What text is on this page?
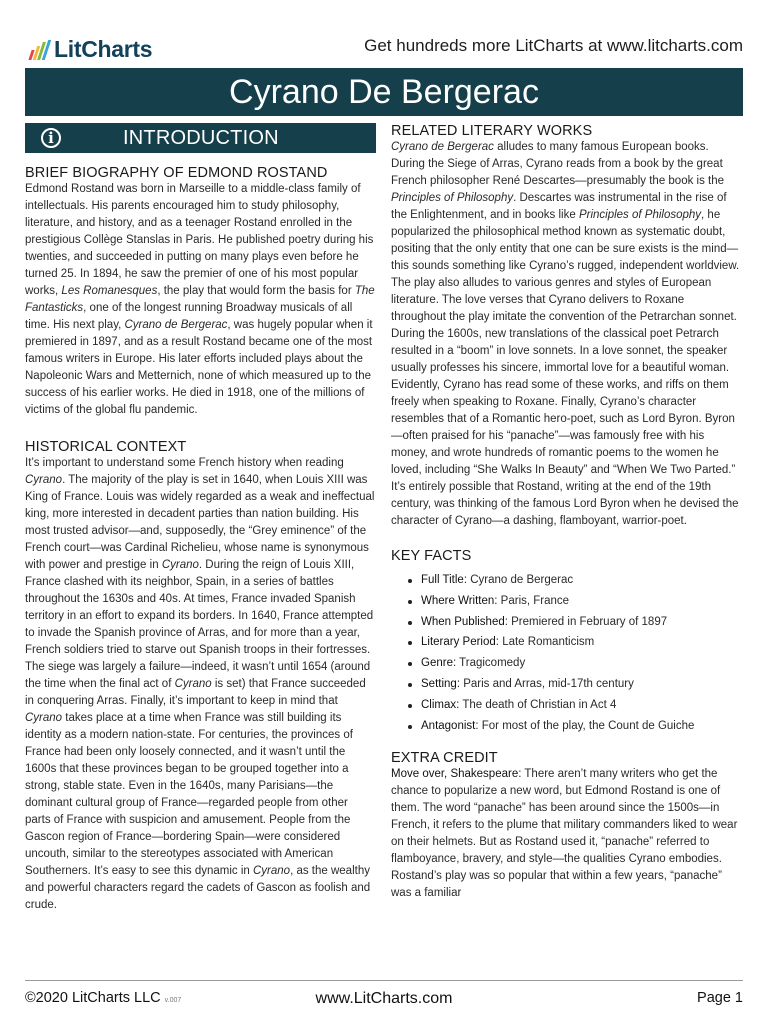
LitCharts	Get hundreds more LitCharts at www.litcharts.com
Cyrano De Bergerac
i	INTRODUCTION
BRIEF BIOGRAPHY OF EDMOND ROSTAND

Edmond Rostand was born in Marseille to a middle-class family of intellectuals. His parents encouraged him to study philosophy, literature, and history, and as a teenager Rostand enrolled in the prestigious Collège Stanslas in Paris. He published poetry during his twenties, and succeeded in putting on many plays even before he turned 25. In 1894, he saw the premier of one of his most popular works, Les Romanesques, the play that would form the basis for The Fantasticks, one of the longest running Broadway musicals of all time. His next play, Cyrano de Bergerac, was hugely popular when it premiered in 1897, and as a result Rostand became one of the most famous writers in Europe. His later efforts included plays about the Napoleonic Wars and Metternich, none of which measured up to the success of his earlier works. He died in 1918, one of the millions of victims of the global flu pandemic.

HISTORICAL CONTEXT

It’s important to understand some French history when reading Cyrano. The majority of the play is set in 1640, when Louis XIII was King of France. Louis was widely regarded as a weak and ineffectual king, more interested in decadent parties than nation building. His most trusted advisor—and, supposedly, the “Grey eminence” of the French court—was Cardinal Richelieu, whose name is synonymous with power and prestige in Cyrano. During the reign of Louis XIII, France clashed with its neighbor, Spain, in a series of battles throughout the 1630s and 40s. At times, France invaded Spanish territory in an effort to expand its borders. In 1640, France attempted to invade the Spanish province of Arras, and for more than a year, French soldiers tried to starve out Spanish troops in their fortresses. The siege was largely a failure—indeed, it wasn’t until 1654 (around the time when the final act of Cyrano is set) that France succeeded in conquering Arras. Finally, it’s important to keep in mind that Cyrano takes place at a time when France was still building its identity as a modern nation-state. For centuries, the provinces of France had been only loosely connected, and it wasn’t until the 1600s that these provinces began to be grouped together into a strong, stable state. Even in the 1640s, many Parisians—the dominant cultural group of France—regarded people from other parts of France with suspicion and amusement. People from the Gascon region of France—bordering Spain—were considered uncouth, similar to the stereotypes associated with American Southerners. It’s easy to see this dynamic in Cyrano, as the wealthy and powerful characters regard the cadets of Gascon as foolish and crude.

RELATED LITERARY WORKS

Cyrano de Bergerac alludes to many famous European books. During the Siege of Arras, Cyrano reads from a book by the great French philosopher René Descartes—presumably the book is the Principles of Philosophy. Descartes was instrumental in the rise of the Enlightenment, and in books like Principles of Philosophy, he popularized the philosophical method known as systematic doubt, positing that the only entity that one can be sure exists is the mind—this sounds something like Cyrano’s rugged, independent worldview. The play also alludes to various genres and styles of European literature. The love verses that Cyrano delivers to Roxane throughout the play imitate the convention of the Petrarchan sonnet. During the 1600s, new translations of the classical poet Petrarch resulted in a “boom” in love sonnets. In a love sonnet, the speaker usually professes his sincere, immortal love for a beautiful woman. Evidently, Cyrano has read some of these works, and riffs on them freely when speaking to Roxane. Finally, Cyrano’s character resembles that of a Romantic hero-poet, such as Lord Byron. Byron—often praised for his “panache”—was famously free with his money, and wrote hundreds of romantic poems to the women he loved, including “She Walks In Beauty” and “When We Two Parted.” It’s entirely possible that Rostand, writing at the end of the 19th century, was thinking of the famous Lord Byron when he devised the character of Cyrano—a dashing, flamboyant, warrior-poet.

KEY FACTS
Full Title: Cyrano de Bergerac
Where Written: Paris, France
When Published: Premiered in February of 1897
Literary Period: Late Romanticism
Genre: Tragicomedy
Setting: Paris and Arras, mid-17th century
Climax: The death of Christian in Act 4
Antagonist: For most of the play, the Count de Guiche
EXTRA CREDIT

Move over, Shakespeare: There aren’t many writers who get the chance to popularize a new word, but Edmond Rostand is one of them. The word “panache” has been around since the 1500s—in French, it refers to the plume that military commanders liked to wear on their helmets. But as Rostand used it, “panache” referred to flamboyance, bravery, and style—the qualities Cyrano embodies. Rostand’s play was so popular that within a few years, “panache” was a familiar

©2020 LitCharts LLC v.007	www.LitCharts.com	Page 1
